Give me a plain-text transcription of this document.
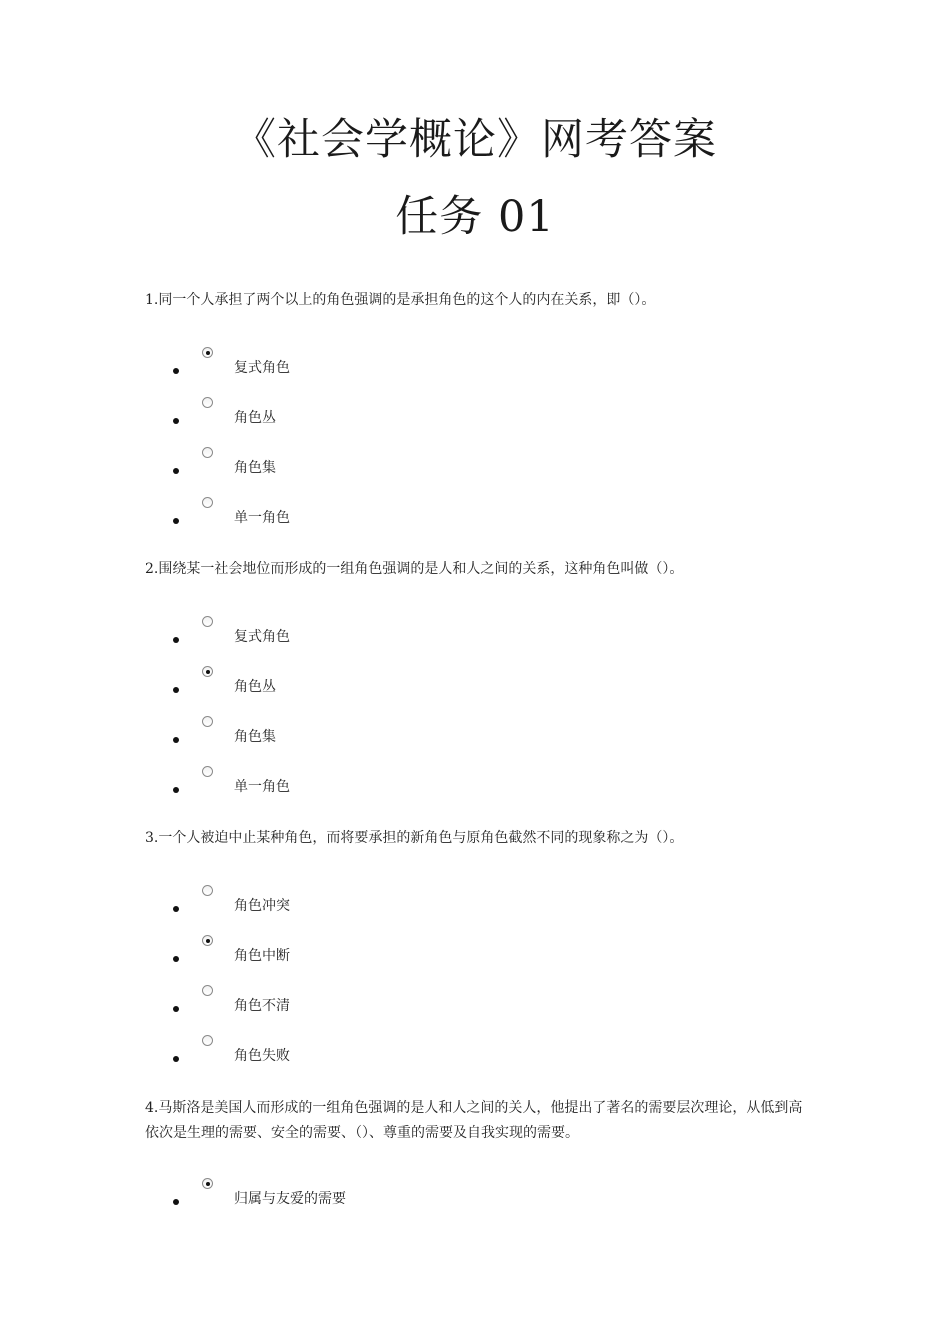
《社会学概论》网考答案
任务 01

1.同一个人承担了两个以上的角色强调的是承担角色的这个人的内在关系，即（）。

复式角色
角色丛
角色集
单一角色

2.围绕某一社会地位而形成的一组角色强调的是人和人之间的关系，这种角色叫做（）。

复式角色
角色丛
角色集
单一角色

3.一个人被迫中止某种角色，而将要承担的新角色与原角色截然不同的现象称之为（）。

角色冲突
角色中断
角色不清
角色失败

4.马斯洛是美国人而形成的一组角色强调的是人和人之间的关人，他提出了著名的需要层次理论，从低到高依次是生理的需要、安全的需要、（）、尊重的需要及自我实现的需要。

归属与友爱的需要
